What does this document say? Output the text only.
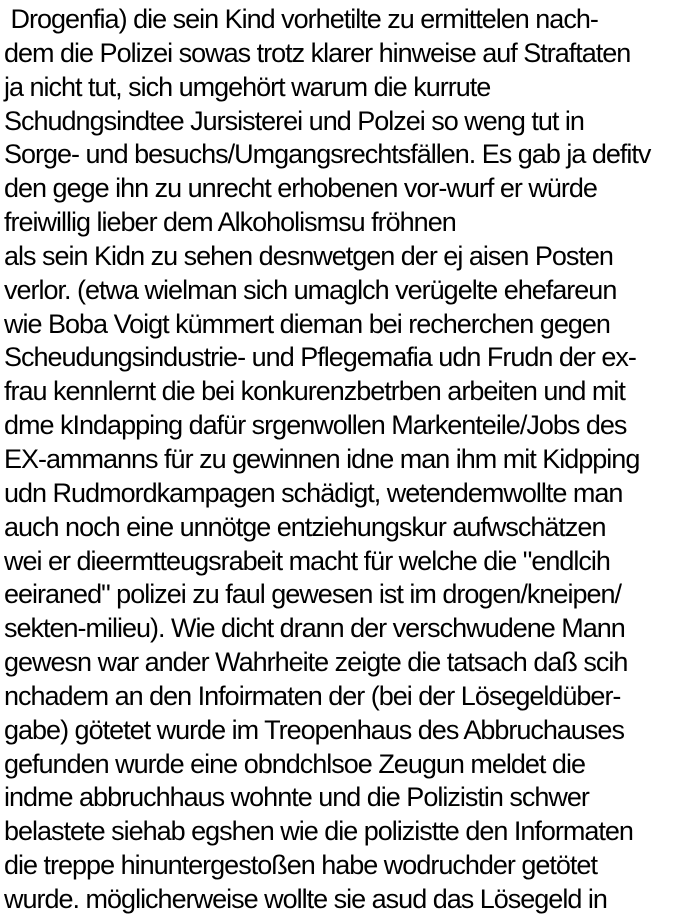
Drogenfia) die sein Kind vorhetilte zu ermittelen nach-
dem die Polizei sowas trotz klarer hinweise auf Straftaten
ja nicht tut, sich umgehört warum die kurrute
Schudngsindtee Jursisterei und Polzei so weng tut in
Sorge- und besuchs/Umgangsrechtsfällen. Es gab ja defitv
den gege ihn zu unrecht erhobenen vor-wurf er würde
freiwillig lieber dem Alkoholismsu fröhnen
als sein Kidn zu sehen desnwetgen der ej aisen Posten
verlor. (etwa wielman sich umaglch verügelte ehefareun
wie Boba Voigt kümmert dieman bei recherchen gegen
Scheudungsindustrie- und Pflegemafia udn Frudn der ex-
frau kennlernt die bei konkurenzbetrben arbeiten und mit
dme kIndapping dafür srgenwollen Markenteile/Jobs des
EX-ammanns für zu gewinnen idne man ihm mit Kidpping
udn Rudmordkampagen schädigt, wetendemwollte man
auch noch eine unnötge entziehungskur aufwschätzen
wei er dieermtteugsrabeit macht für welche die "endlcih
eeiraned" polizei zu faul gewesen ist im drogen/kneipen/
sekten-milieu). Wie dicht drann der verschwudene Mann
gewesn war ander Wahrheite zeigte die tatsach daß scih
nchadem an den Infoirmaten der (bei der Lösegeldüber-
gabe) götetet wurde im Treopenhaus des Abbruchauses
gefunden wurde eine obndchlsoe Zeugun meldet die
indme abbruchhaus wohnte und die Polizistin schwer
belastete siehab egshen wie die polizistte den Informaten
die treppe hinuntergestoßen habe wodruchder getötet
wurde. möglicherweise wollte sie asud das Lösegeld in
